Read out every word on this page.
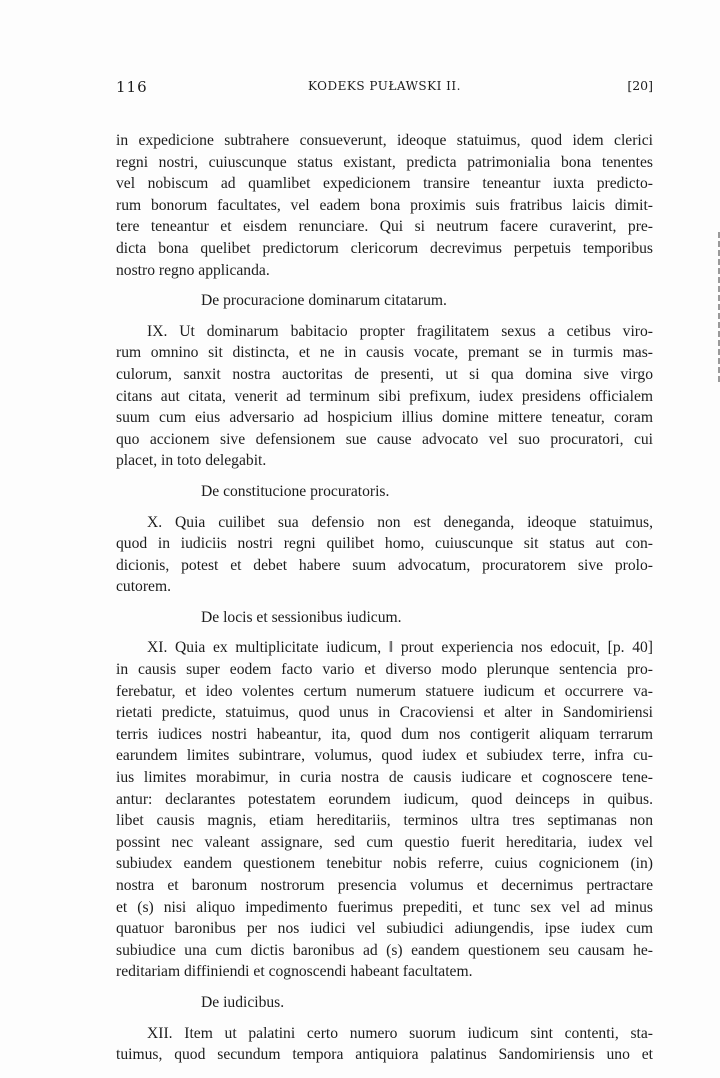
116	KODEKS PUŁAWSKI II.	[20]
in expedicione subtrahere consueverunt, ideoque statuimus, quod idem clerici
regni nostri, cuiuscunque status existant, predicta patrimonialia bona tenentes
vel nobiscum ad quamlibet expedicionem transire teneantur iuxta predicto-
rum bonorum facultates, vel eadem bona proximis suis fratribus laicis dimit-
tere teneantur et eisdem renunciare. Qui si neutrum facere curaverint, pre-
dicta bona quelibet predictorum clericorum decrevimus perpetuis temporibus
nostro regno applicanda.
De procuracione dominarum citatarum.
IX. Ut dominarum babitacio propter fragilitatem sexus a cetibus viro-
rum omnino sit distincta, et ne in causis vocate, premant se in turmis mas-
culorum, sanxit nostra auctoritas de presenti, ut si qua domina sive virgo
citans aut citata, venerit ad terminum sibi prefixum, iudex presidens officialem
suum cum eius adversario ad hospicium illius domine mittere teneatur, coram
quo accionem sive defensionem sue cause advocato vel suo procuratori, cui
placet, in toto delegabit.
De constitucione procuratoris.
X. Quia cuilibet sua defensio non est deneganda, ideoque statuimus,
quod in iudiciis nostri regni quilibet homo, cuiuscunque sit status aut con-
dicionis, potest et debet habere suum advocatum, procuratorem sive prolo-
cutorem.
De locis et sessionibus iudicum.
XI. Quia ex multiplicitate iudicum, ‖ prout experiencia nos edocuit, [p. 40]
in causis super eodem facto vario et diverso modo plerunque sentencia pro-
ferebatur, et ideo volentes certum numerum statuere iudicum et occurrere va-
rietati predicte, statuimus, quod unus in Cracoviensi et alter in Sandomiriensi
terris iudices nostri habeantur, ita, quod dum nos contigerit aliquam terrarum
earundem limites subintrare, volumus, quod iudex et subiudex terre, infra cu-
ius limites morabimur, in curia nostra de causis iudicare et cognoscere tene-
antur: declarantes potestatem eorundem iudicum, quod deinceps in quibus.
libet causis magnis, etiam hereditariis, terminos ultra tres septimanas non
possint nec valeant assignare, sed cum questio fuerit hereditaria, iudex vel
subiudex eandem questionem tenebitur nobis referre, cuius cognicionem (in)
nostra et baronum nostrorum presencia volumus et decernimus pertractare
et (s) nisi aliquo impedimento fuerimus prepediti, et tunc sex vel ad minus
quatuor baronibus per nos iudici vel subiudici adiungendis, ipse iudex cum
subiudice una cum dictis baronibus ad (s) eandem questionem seu causam he-
reditariam diffiniendi et cognoscendi habeant facultatem.
De iudicibus.
XII. Item ut palatini certo numero suorum iudicum sint contenti, sta-
tuimus, quod secundum tempora antiquiora palatinus Sandomiriensis uno et
